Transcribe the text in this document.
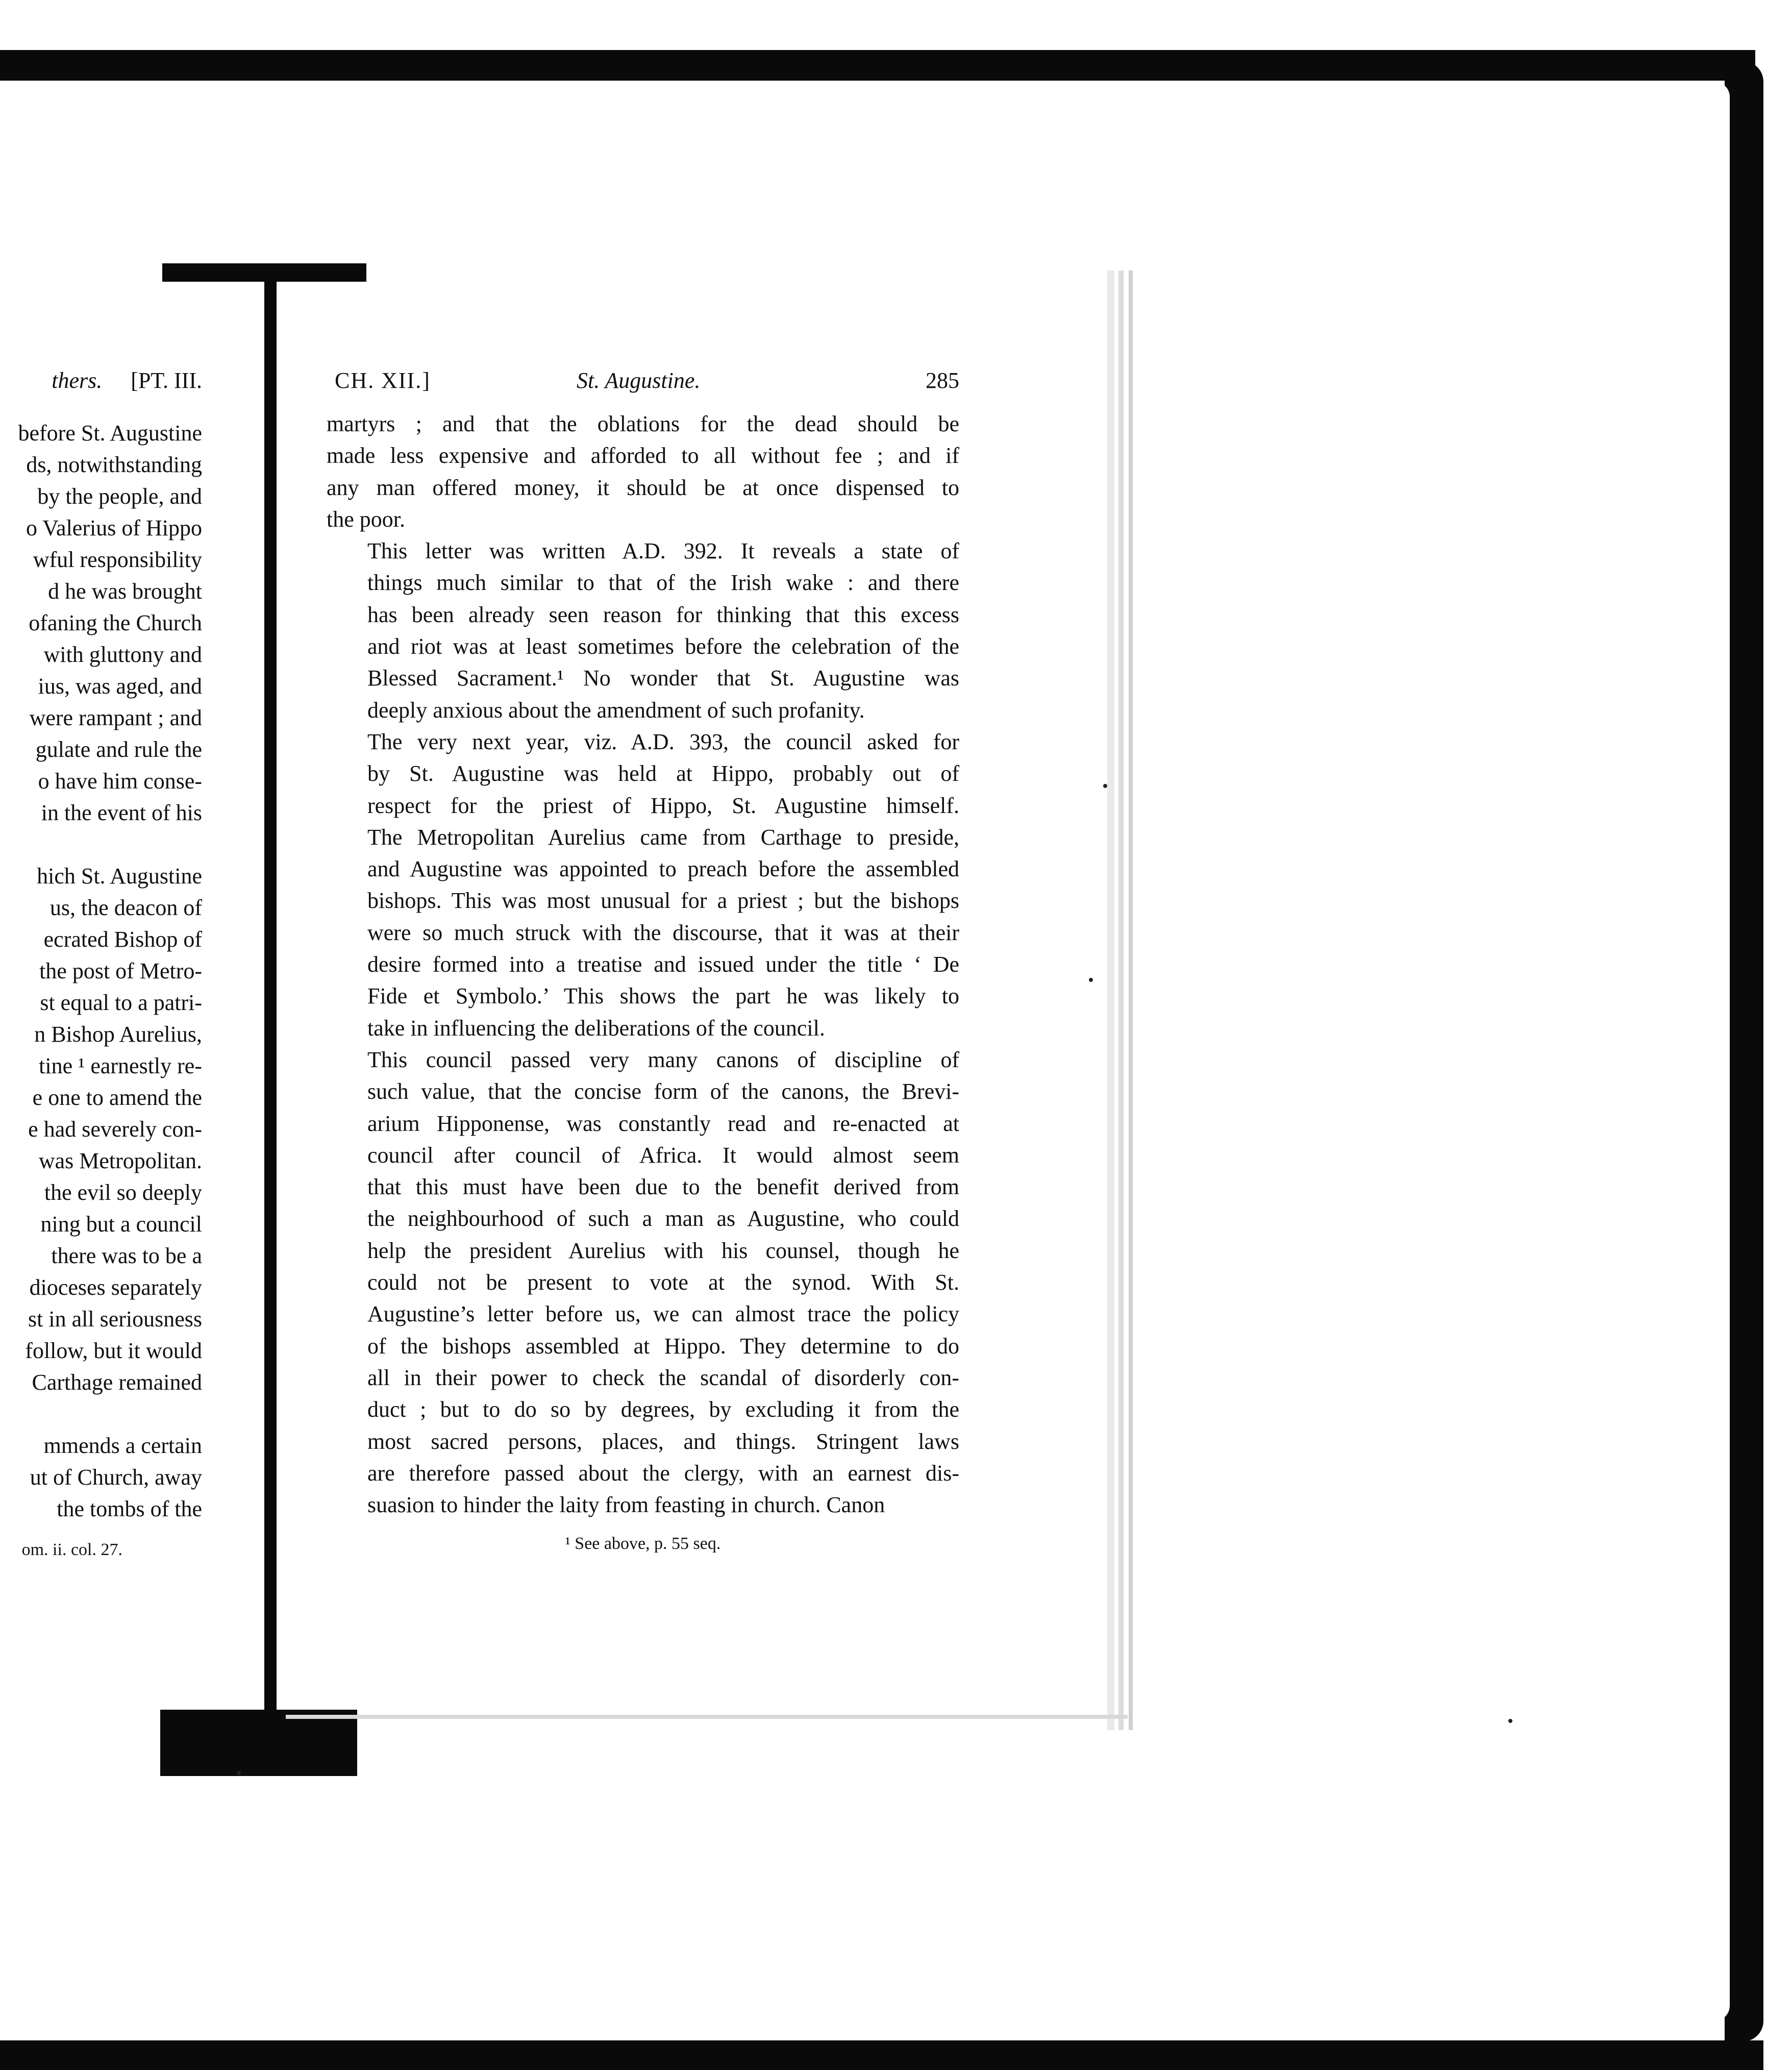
thers. [PT. III.
before St. Augustine
ds, notwithstanding
by the people, and
o Valerius of Hippo
wful responsibility
d he was brought
ofaning the Church
with gluttony and
ius, was aged, and
were rampant ; and
gulate and rule the
o have him conse-
in the event of his
hich St. Augustine
us, the deacon of
ecrated Bishop of
the post of Metro-
st equal to a patri-
n Bishop Aurelius,
tine ¹ earnestly re-
e one to amend the
e had severely con-
was Metropolitan.
the evil so deeply
ning but a council
there was to be a
dioceses separately
st in all seriousness
follow, but it would
Carthage remained
mmends a certain
ut of Church, away
the tombs of the
om. ii. col. 27.
CH. XII.]	St. Augustine.	285

martyrs ; and that the oblations for the dead should be
made less expensive and afforded to all without fee ; and if
any man offered money, it should be at once dispensed to
the poor.

This letter was written A.D. 392. It reveals a state of
things much similar to that of the Irish wake : and there
has been already seen reason for thinking that this excess
and riot was at least sometimes before the celebration of the
Blessed Sacrament.¹ No wonder that St. Augustine was
deeply anxious about the amendment of such profanity.

The very next year, viz. A.D. 393, the council asked for
by St. Augustine was held at Hippo, probably out of
respect for the priest of Hippo, St. Augustine himself.
The Metropolitan Aurelius came from Carthage to preside,
and Augustine was appointed to preach before the assembled
bishops. This was most unusual for a priest ; but the bishops
were so much struck with the discourse, that it was at their
desire formed into a treatise and issued under the title ‘ De
Fide et Symbolo.’ This shows the part he was likely to
take in influencing the deliberations of the council.

This council passed very many canons of discipline of
such value, that the concise form of the canons, the Brevi-
arium Hipponense, was constantly read and re-enacted at
council after council of Africa. It would almost seem
that this must have been due to the benefit derived from
the neighbourhood of such a man as Augustine, who could
help the president Aurelius with his counsel, though he
could not be present to vote at the synod. With St.
Augustine’s letter before us, we can almost trace the policy
of the bishops assembled at Hippo. They determine to do
all in their power to check the scandal of disorderly con-
duct ; but to do so by degrees, by excluding it from the
most sacred persons, places, and things. Stringent laws
are therefore passed about the clergy, with an earnest dis-
suasion to hinder the laity from feasting in church. Canon

¹ See above, p. 55 seq.
